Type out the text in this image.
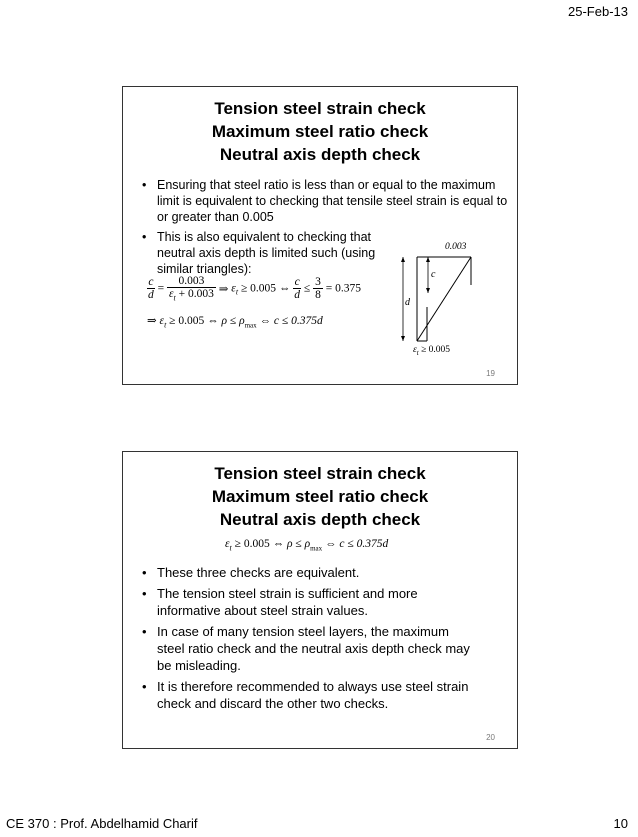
25-Feb-13
Tension steel strain check
Maximum steel ratio check
Neutral axis depth check
• Ensuring that steel ratio is less than or equal to the maximum limit is equivalent to checking that tensile steel strain is equal to or greater than 0.005
• This is also equivalent to checking that neutral axis depth is limited such (using similar triangles):
$\frac{c}{d} = \frac{0.003}{\varepsilon_t + 0.003}$ ⇒ $\varepsilon_t \ge 0.005$ ⇔ $\frac{c}{d} \le \frac{3}{8} = 0.375$
⇒ $\varepsilon_t \ge 0.005$ ⇔ $\rho \le \rho_{max}$ ⇔ c ≤ 0.375d
0.003
c
d
$\varepsilon_t \ge 0.005$
19
Tension steel strain check
Maximum steel ratio check
Neutral axis depth check
$\varepsilon_t \ge 0.005$ ⇔ $\rho \le \rho_{max}$ ⇔ c ≤ 0.375d
• These three checks are equivalent.
• The tension steel strain is sufficient and more informative about steel strain values.
• In case of many tension steel layers, the maximum steel ratio check and the neutral axis depth check may be misleading.
• It is therefore recommended to always use steel strain check and discard the other two checks.
20
CE 370 : Prof. Abdelhamid Charif	10
